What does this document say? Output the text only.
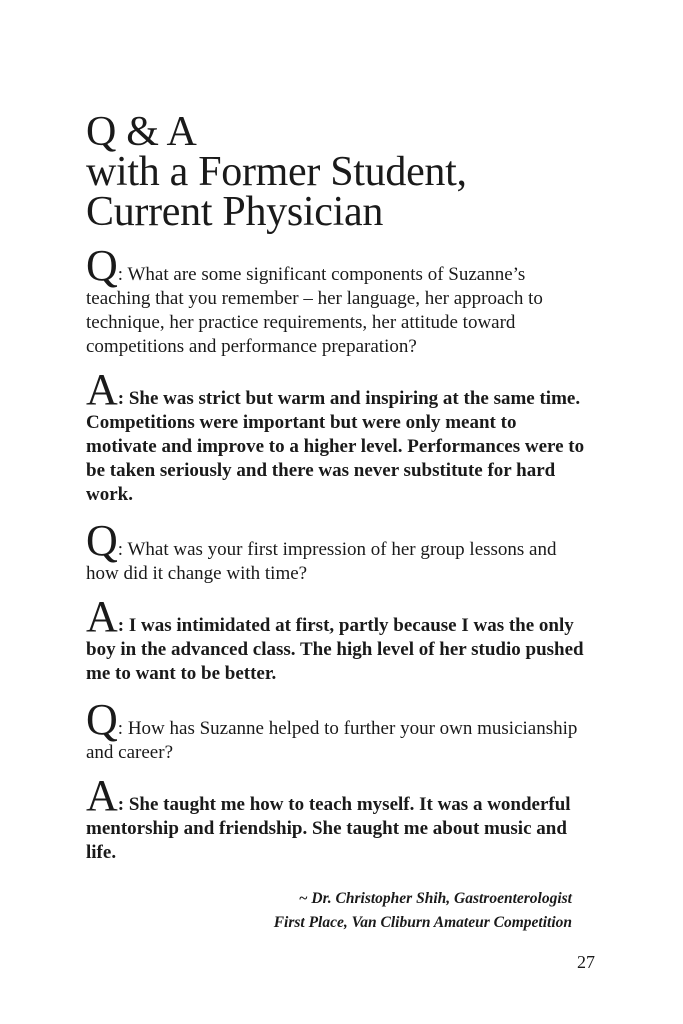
Q & A
with a Former Student,
Current Physician

Q: What are some significant components of Suzanne’s teaching that you remember – her language, her approach to technique, her practice requirements, her attitude toward competitions and performance preparation?

A: She was strict but warm and inspiring at the same time. Competitions were important but were only meant to motivate and improve to a higher level. Performances were to be taken seriously and there was never substitute for hard work.

Q: What was your first impression of her group lessons and how did it change with time?

A: I was intimidated at first, partly because I was the only boy in the advanced class. The high level of her studio pushed me to want to be better.

Q: How has Suzanne helped to further your own musicianship and career?

A: She taught me how to teach myself. It was a wonderful mentorship and friendship. She taught me about music and life.

~ Dr. Christopher Shih, Gastroenterologist
First Place, Van Cliburn Amateur Competition
27
